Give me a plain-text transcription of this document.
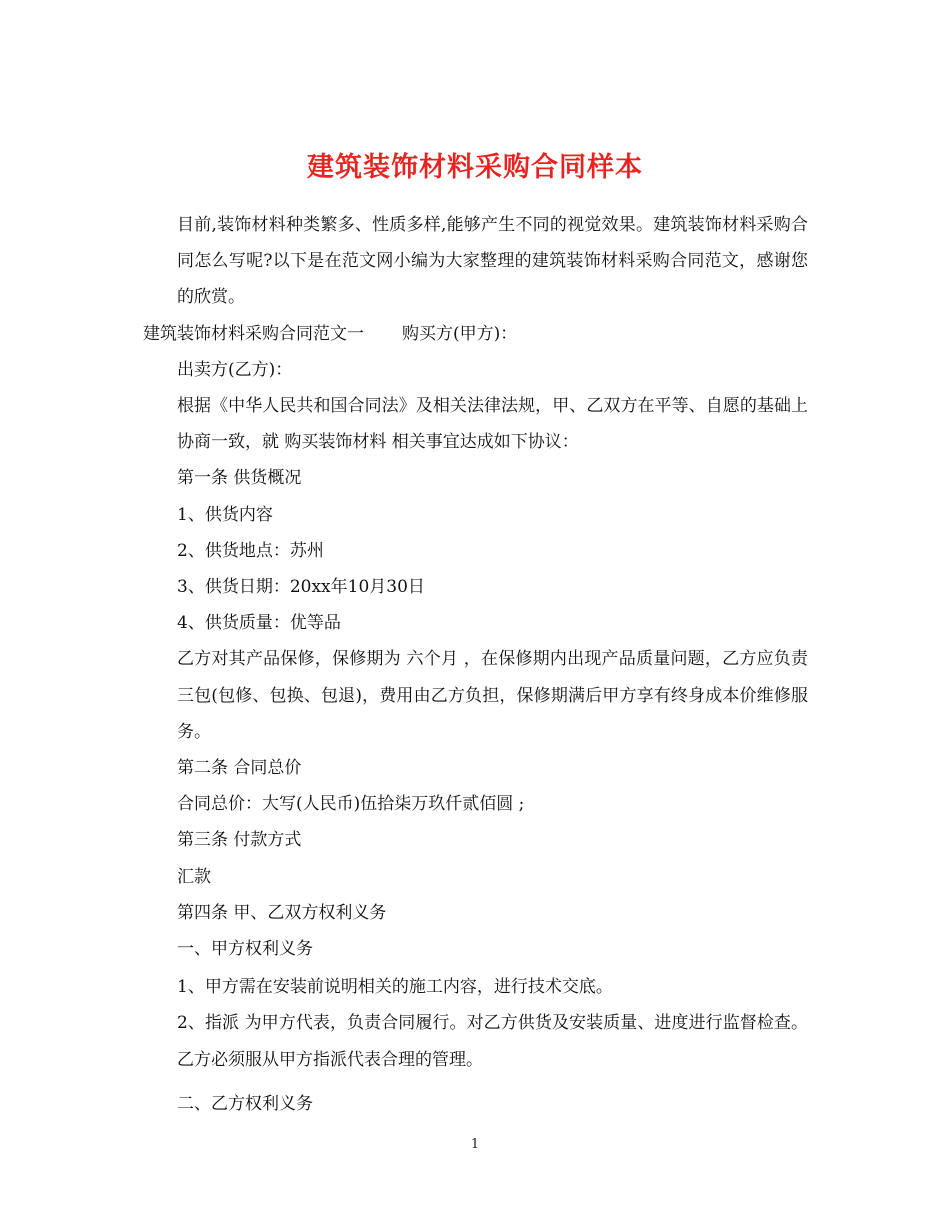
建筑装饰材料采购合同样本

目前,装饰材料种类繁多、性质多样,能够产生不同的视觉效果。建筑装饰材料采购合同怎么写呢?以下是在范文网小编为大家整理的建筑装饰材料采购合同范文，感谢您的欣赏。

建筑装饰材料采购合同范文一 购买方(甲方)：

出卖方(乙方)：

根据《中华人民共和国合同法》及相关法律法规，甲、乙双方在平等、自愿的基础上协商一致，就 购买装饰材料 相关事宜达成如下协议：

第一条 供货概况

1、供货内容

2、供货地点：苏州

3、供货日期：20xx年10月30日

4、供货质量：优等品

乙方对其产品保修，保修期为 六个月 ，在保修期内出现产品质量问题，乙方应负责三包(包修、包换、包退)，费用由乙方负担，保修期满后甲方享有终身成本价维修服务。

第二条 合同总价

合同总价：大写(人民币)伍拾柒万玖仟贰佰圆 ;

第三条 付款方式

汇款

第四条 甲、乙双方权利义务

一、甲方权利义务

1、甲方需在安装前说明相关的施工内容，进行技术交底。

2、指派 为甲方代表，负责合同履行。对乙方供货及安装质量、进度进行监督检查。乙方必须服从甲方指派代表合理的管理。

二、乙方权利义务

1
